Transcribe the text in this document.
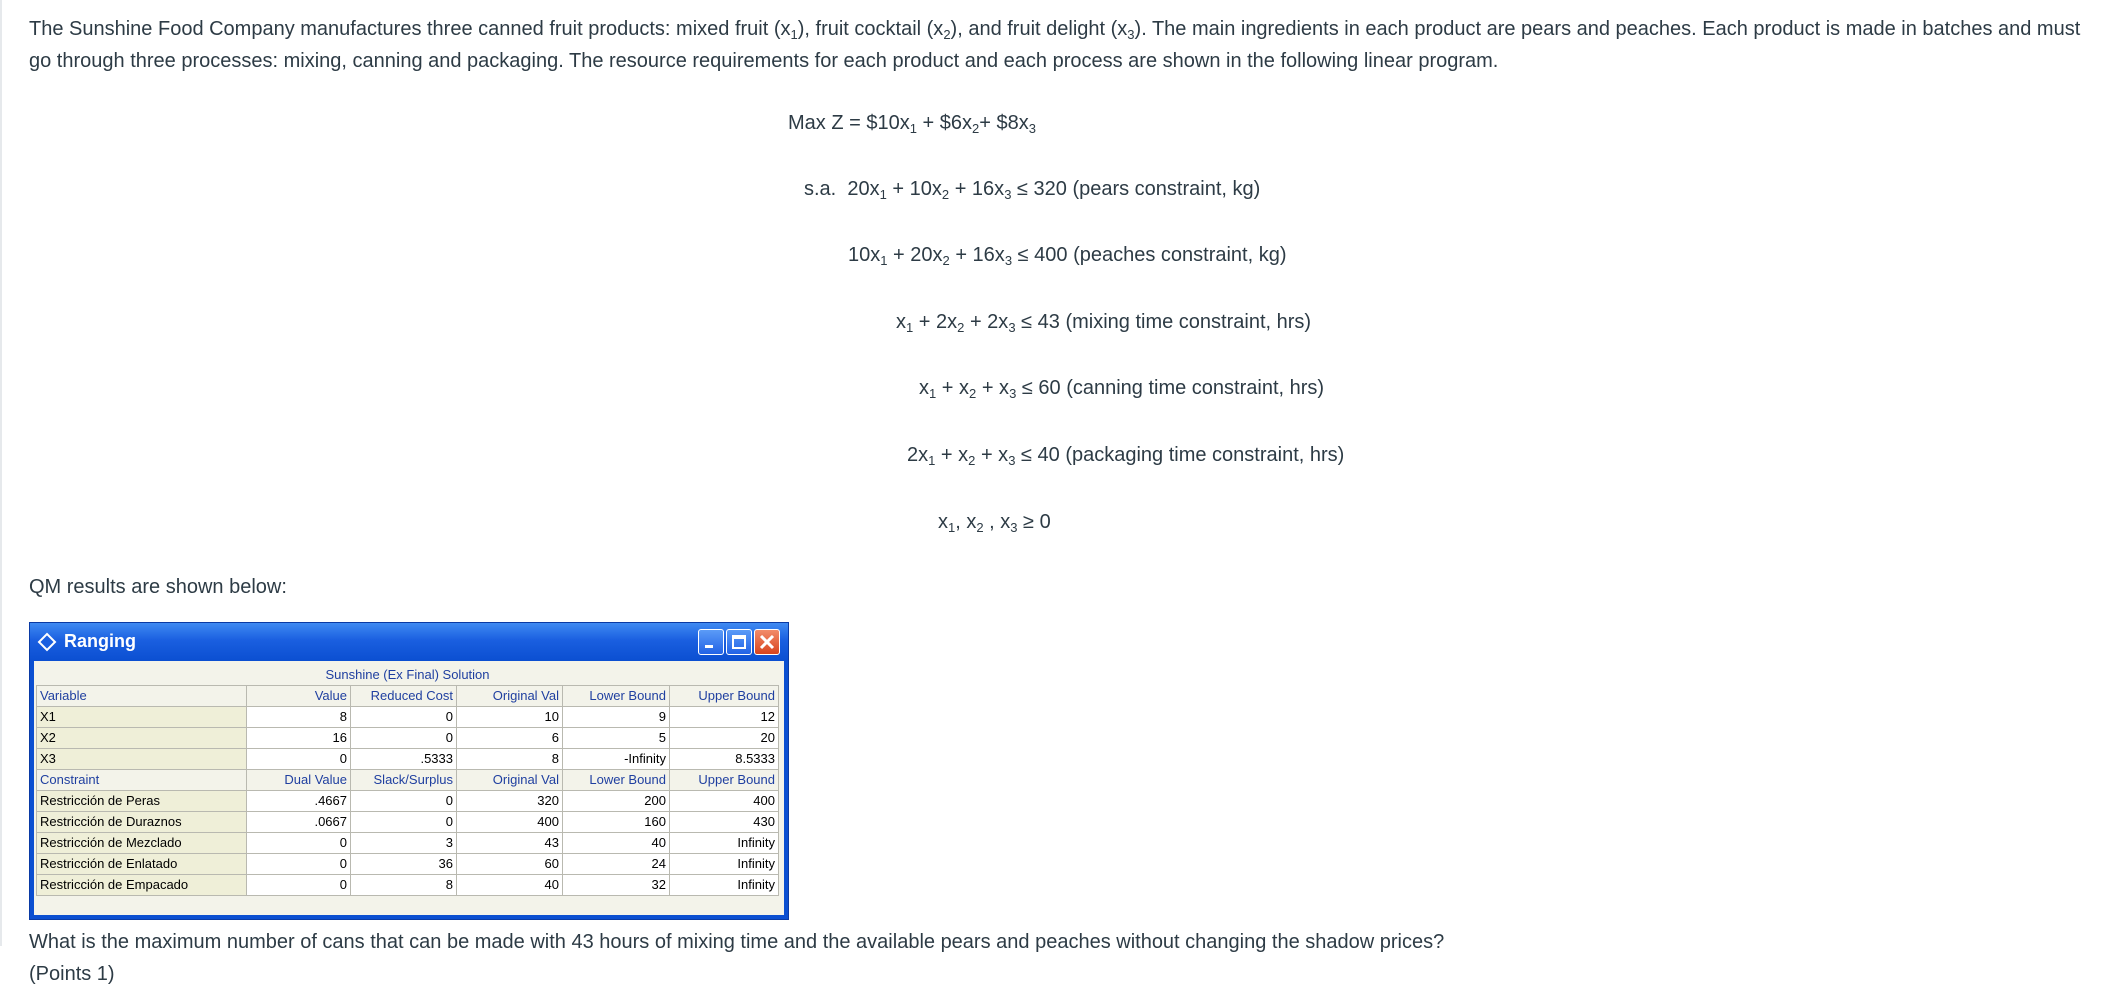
The Sunshine Food Company manufactures three canned fruit products: mixed fruit $(x_1)$, fruit cocktail $(x_2)$, and fruit delight $(x_3)$. The main ingredients in each product are pears and peaches. Each product is made in batches and must go through three processes: mixing, canning and packaging. The resource requirements for each product and each process are shown in the following linear program.
Max $Z = \$10x_1$ + $\$6x_2+$ $\$8x_3$
s.a. $20x_1 + 10x_2 + 16x_3 \le 320$ (pears constraint, kg)
$10x_1 + 20x_2 + 16x_3 \le 400$ (peaches constraint, kg)
$x_1 + 2x_2 + 2x_3 \le 43$ (mixing time constraint, hrs)
$x_1 + x_2 + x_3 \le 60$ (canning time constraint, hrs)
$2x_1 + x_2 + x_3 \le 40$ (packaging time constraint, hrs)
$x_1$, $x_2$ , $x_3 \ge 0$
QM results are shown below:
Ranging
Sunshine (Ex Final) Solution					
Variable	Value	Reduced Cost	Original Val	Lower Bound	Upper Bound
X1	8	0	10	9	12
X2	16	0	6	5	20
X3	0	.5333	8	-Infinity	8.5333
Constraint	Dual Value	Slack/Surplus	Original Val	Lower Bound	Upper Bound
Restricción de Peras	.4667	0	320	200	400
Restricción de Duraznos	.0667	0	400	160	430
Restricción de Mezclado	0	3	43	40	Infinity
Restricción de Enlatado	0	36	60	24	Infinity
Restricción de Empacado	0	8	40	32	Infinity
What is the maximum number of cans that can be made with 43 hours of mixing time and the available pears and peaches without changing the shadow prices? (Points 1)
